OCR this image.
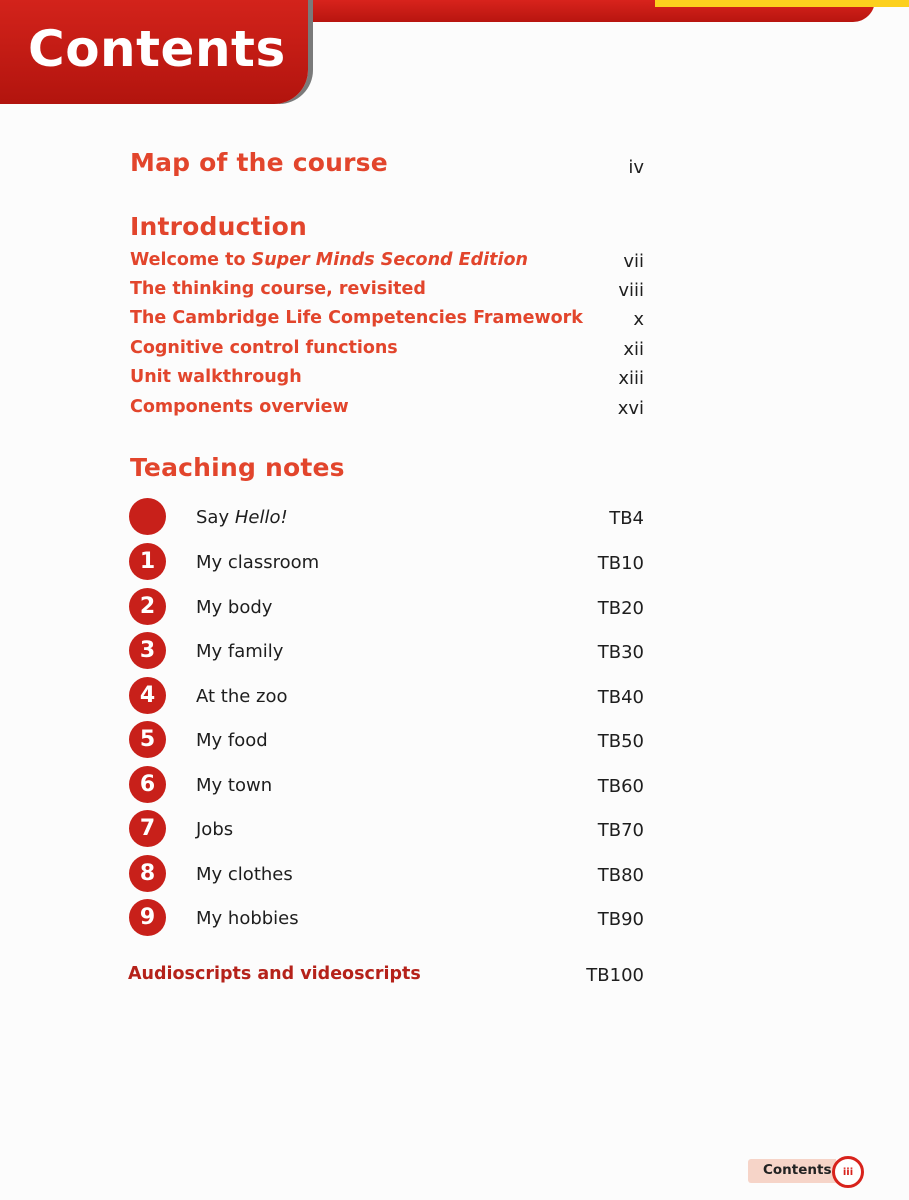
Contents
Map of the course	iv
Introduction
Welcome to Super Minds Second Edition	vii
The thinking course, revisited	viii
The Cambridge Life Competencies Framework	x
Cognitive control functions	xii
Unit walkthrough	xiii
Components overview	xvi
Teaching notes
Say Hello!	TB4
1	My classroom	TB10
2	My body	TB20
3	My family	TB30
4	At the zoo	TB40
5	My food	TB50
6	My town	TB60
7	Jobs	TB70
8	My clothes	TB80
9	My hobbies	TB90
Audioscripts and videoscripts	TB100
Contents iii
